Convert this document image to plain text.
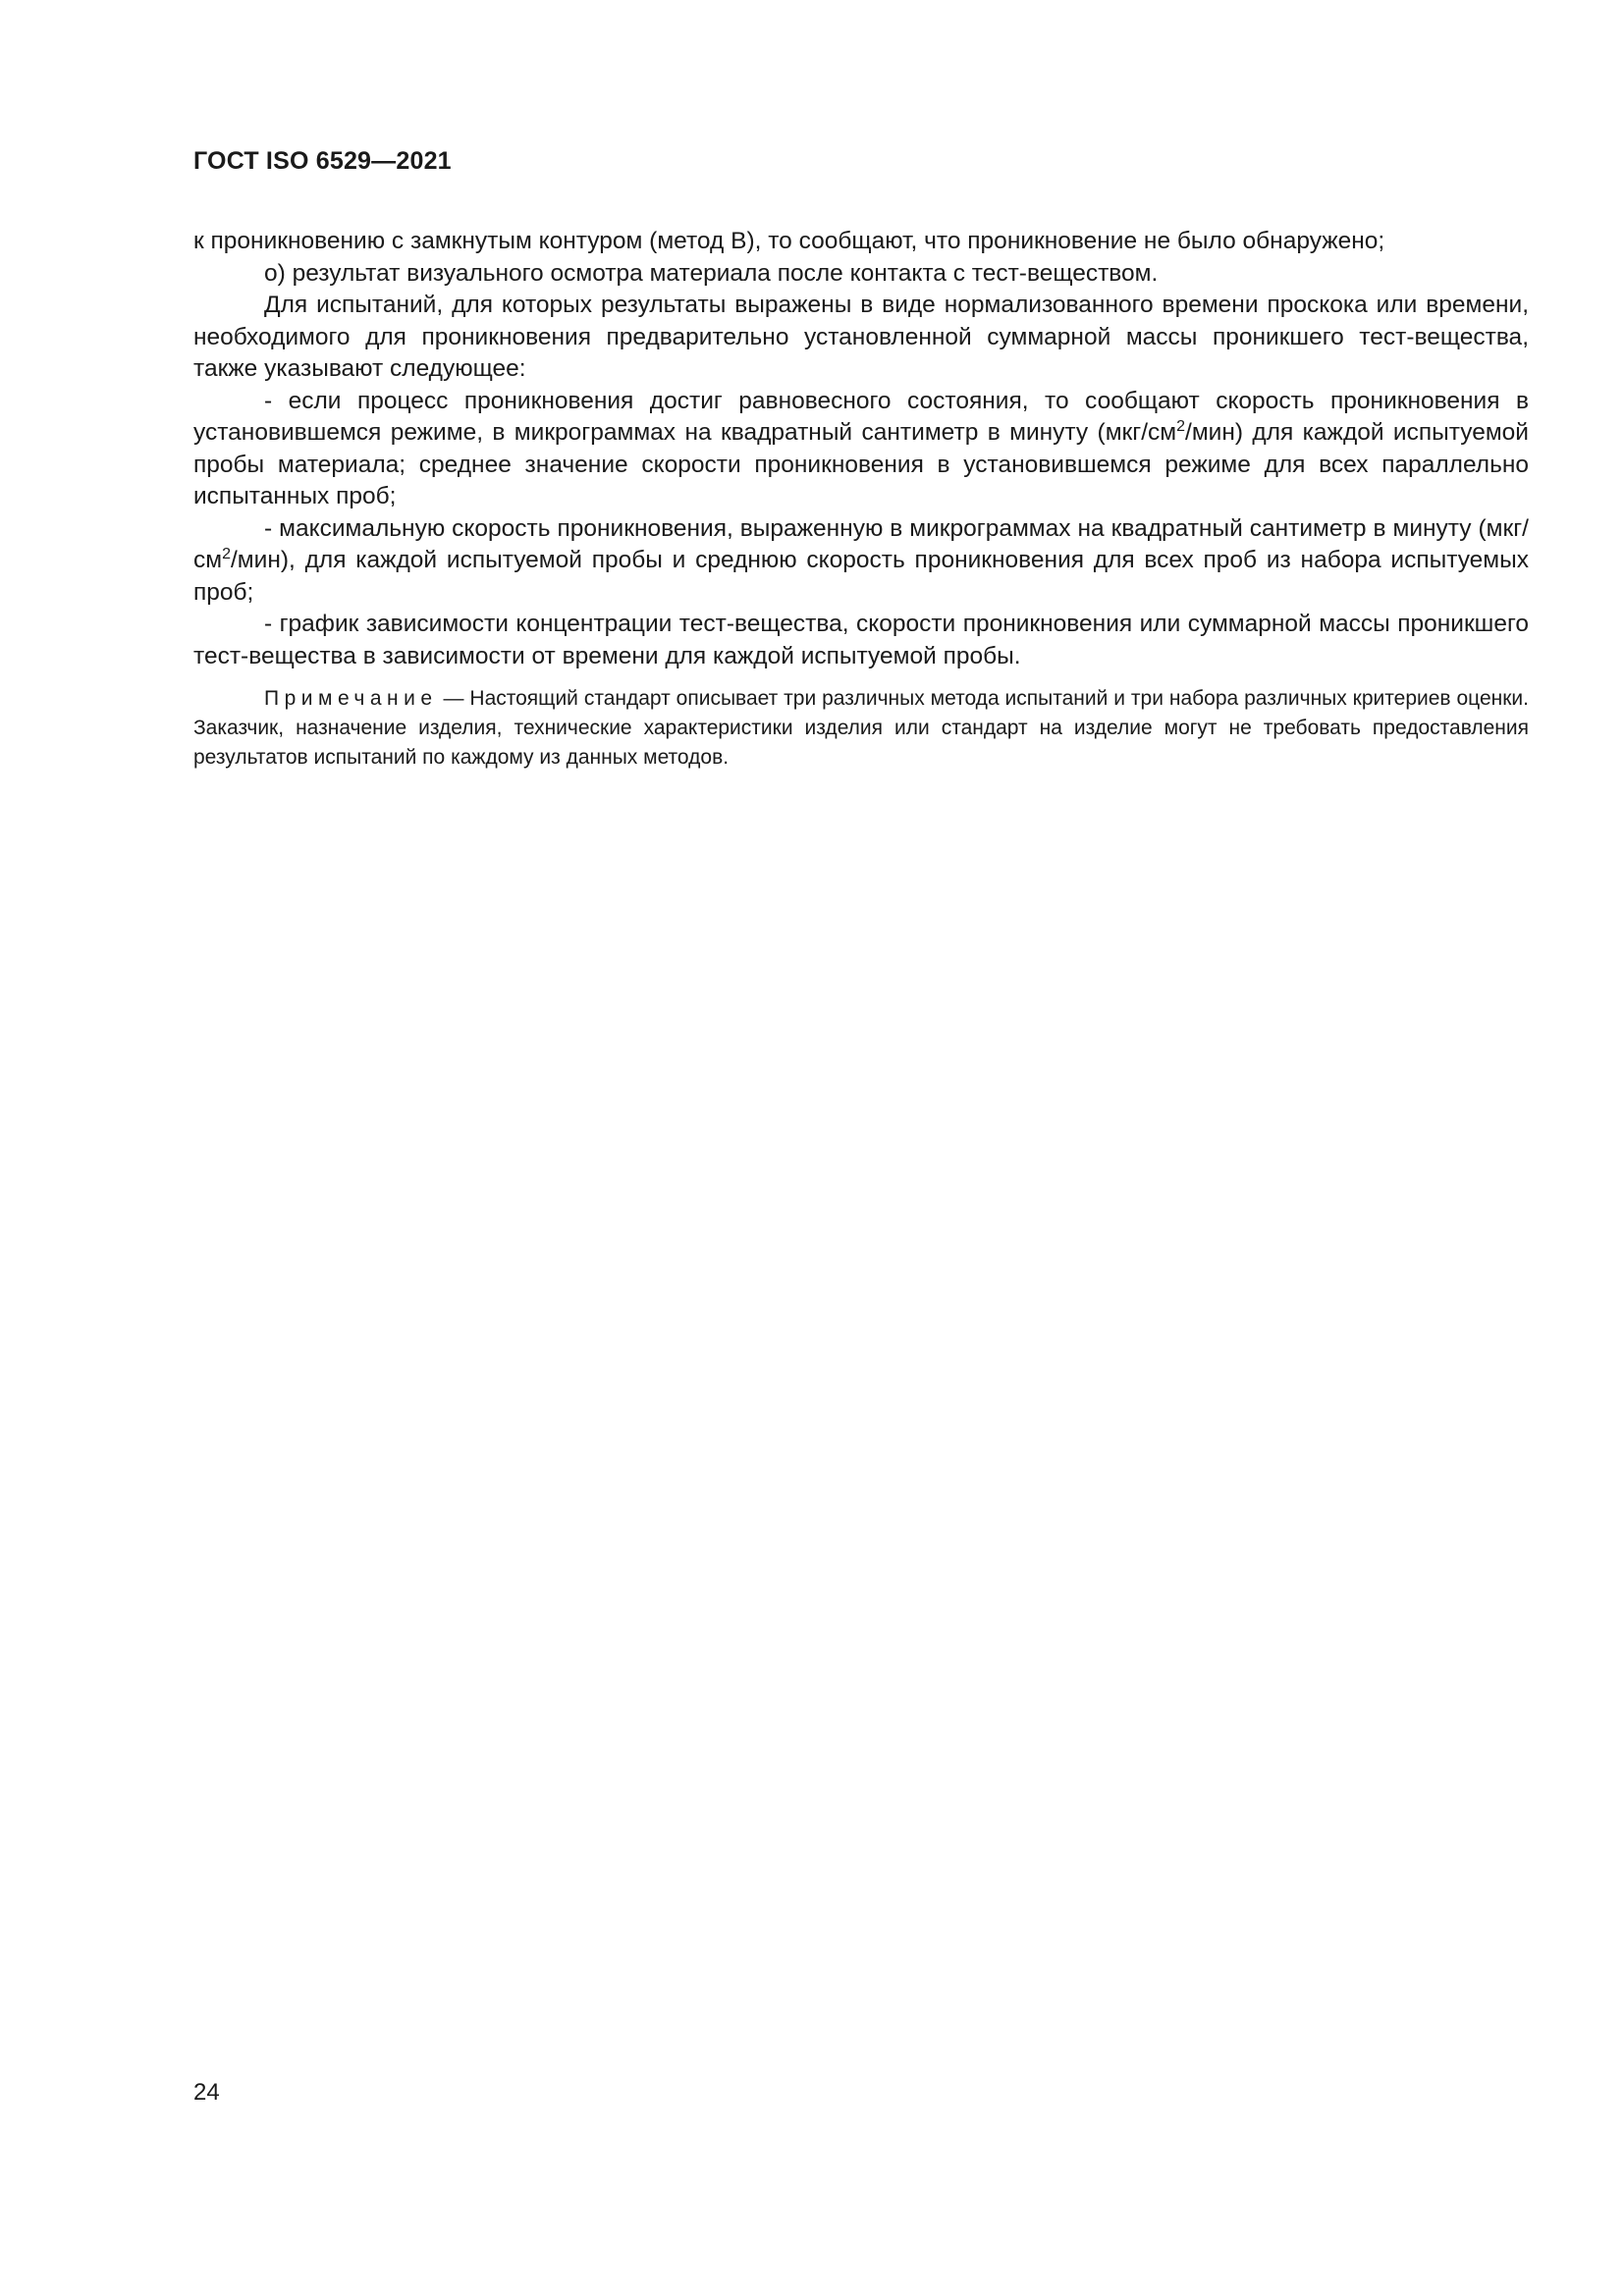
ГОСТ ISO 6529—2021

к проникновению с замкнутым контуром (метод В), то сообщают, что проникновение не было обнаружено;

о) результат визуального осмотра материала после контакта с тест-веществом.

Для испытаний, для которых результаты выражены в виде нормализованного времени проскока или времени, необходимого для проникновения предварительно установленной суммарной массы проникшего тест-вещества, также указывают следующее:

- если процесс проникновения достиг равновесного состояния, то сообщают скорость проникновения в установившемся режиме, в микрограммах на квадратный сантиметр в минуту $(мкг/см^2/мин)$ для каждой испытуемой пробы материала; среднее значение скорости проникновения в установившемся режиме для всех параллельно испытанных проб;

- максимальную скорость проникновения, выраженную в микрограммах на квадратный сантиметр в минуту $(мкг/см^2/мин)$, для каждой испытуемой пробы и среднюю скорость проникновения для всех проб из набора испытуемых проб;

- график зависимости концентрации тест-вещества, скорости проникновения или суммарной массы проникшего тест-вещества в зависимости от времени для каждой испытуемой пробы.

Примечание — Настоящий стандарт описывает три различных метода испытаний и три набора различных критериев оценки. Заказчик, назначение изделия, технические характеристики изделия или стандарт на изделие могут не требовать предоставления результатов испытаний по каждому из данных методов.

24
